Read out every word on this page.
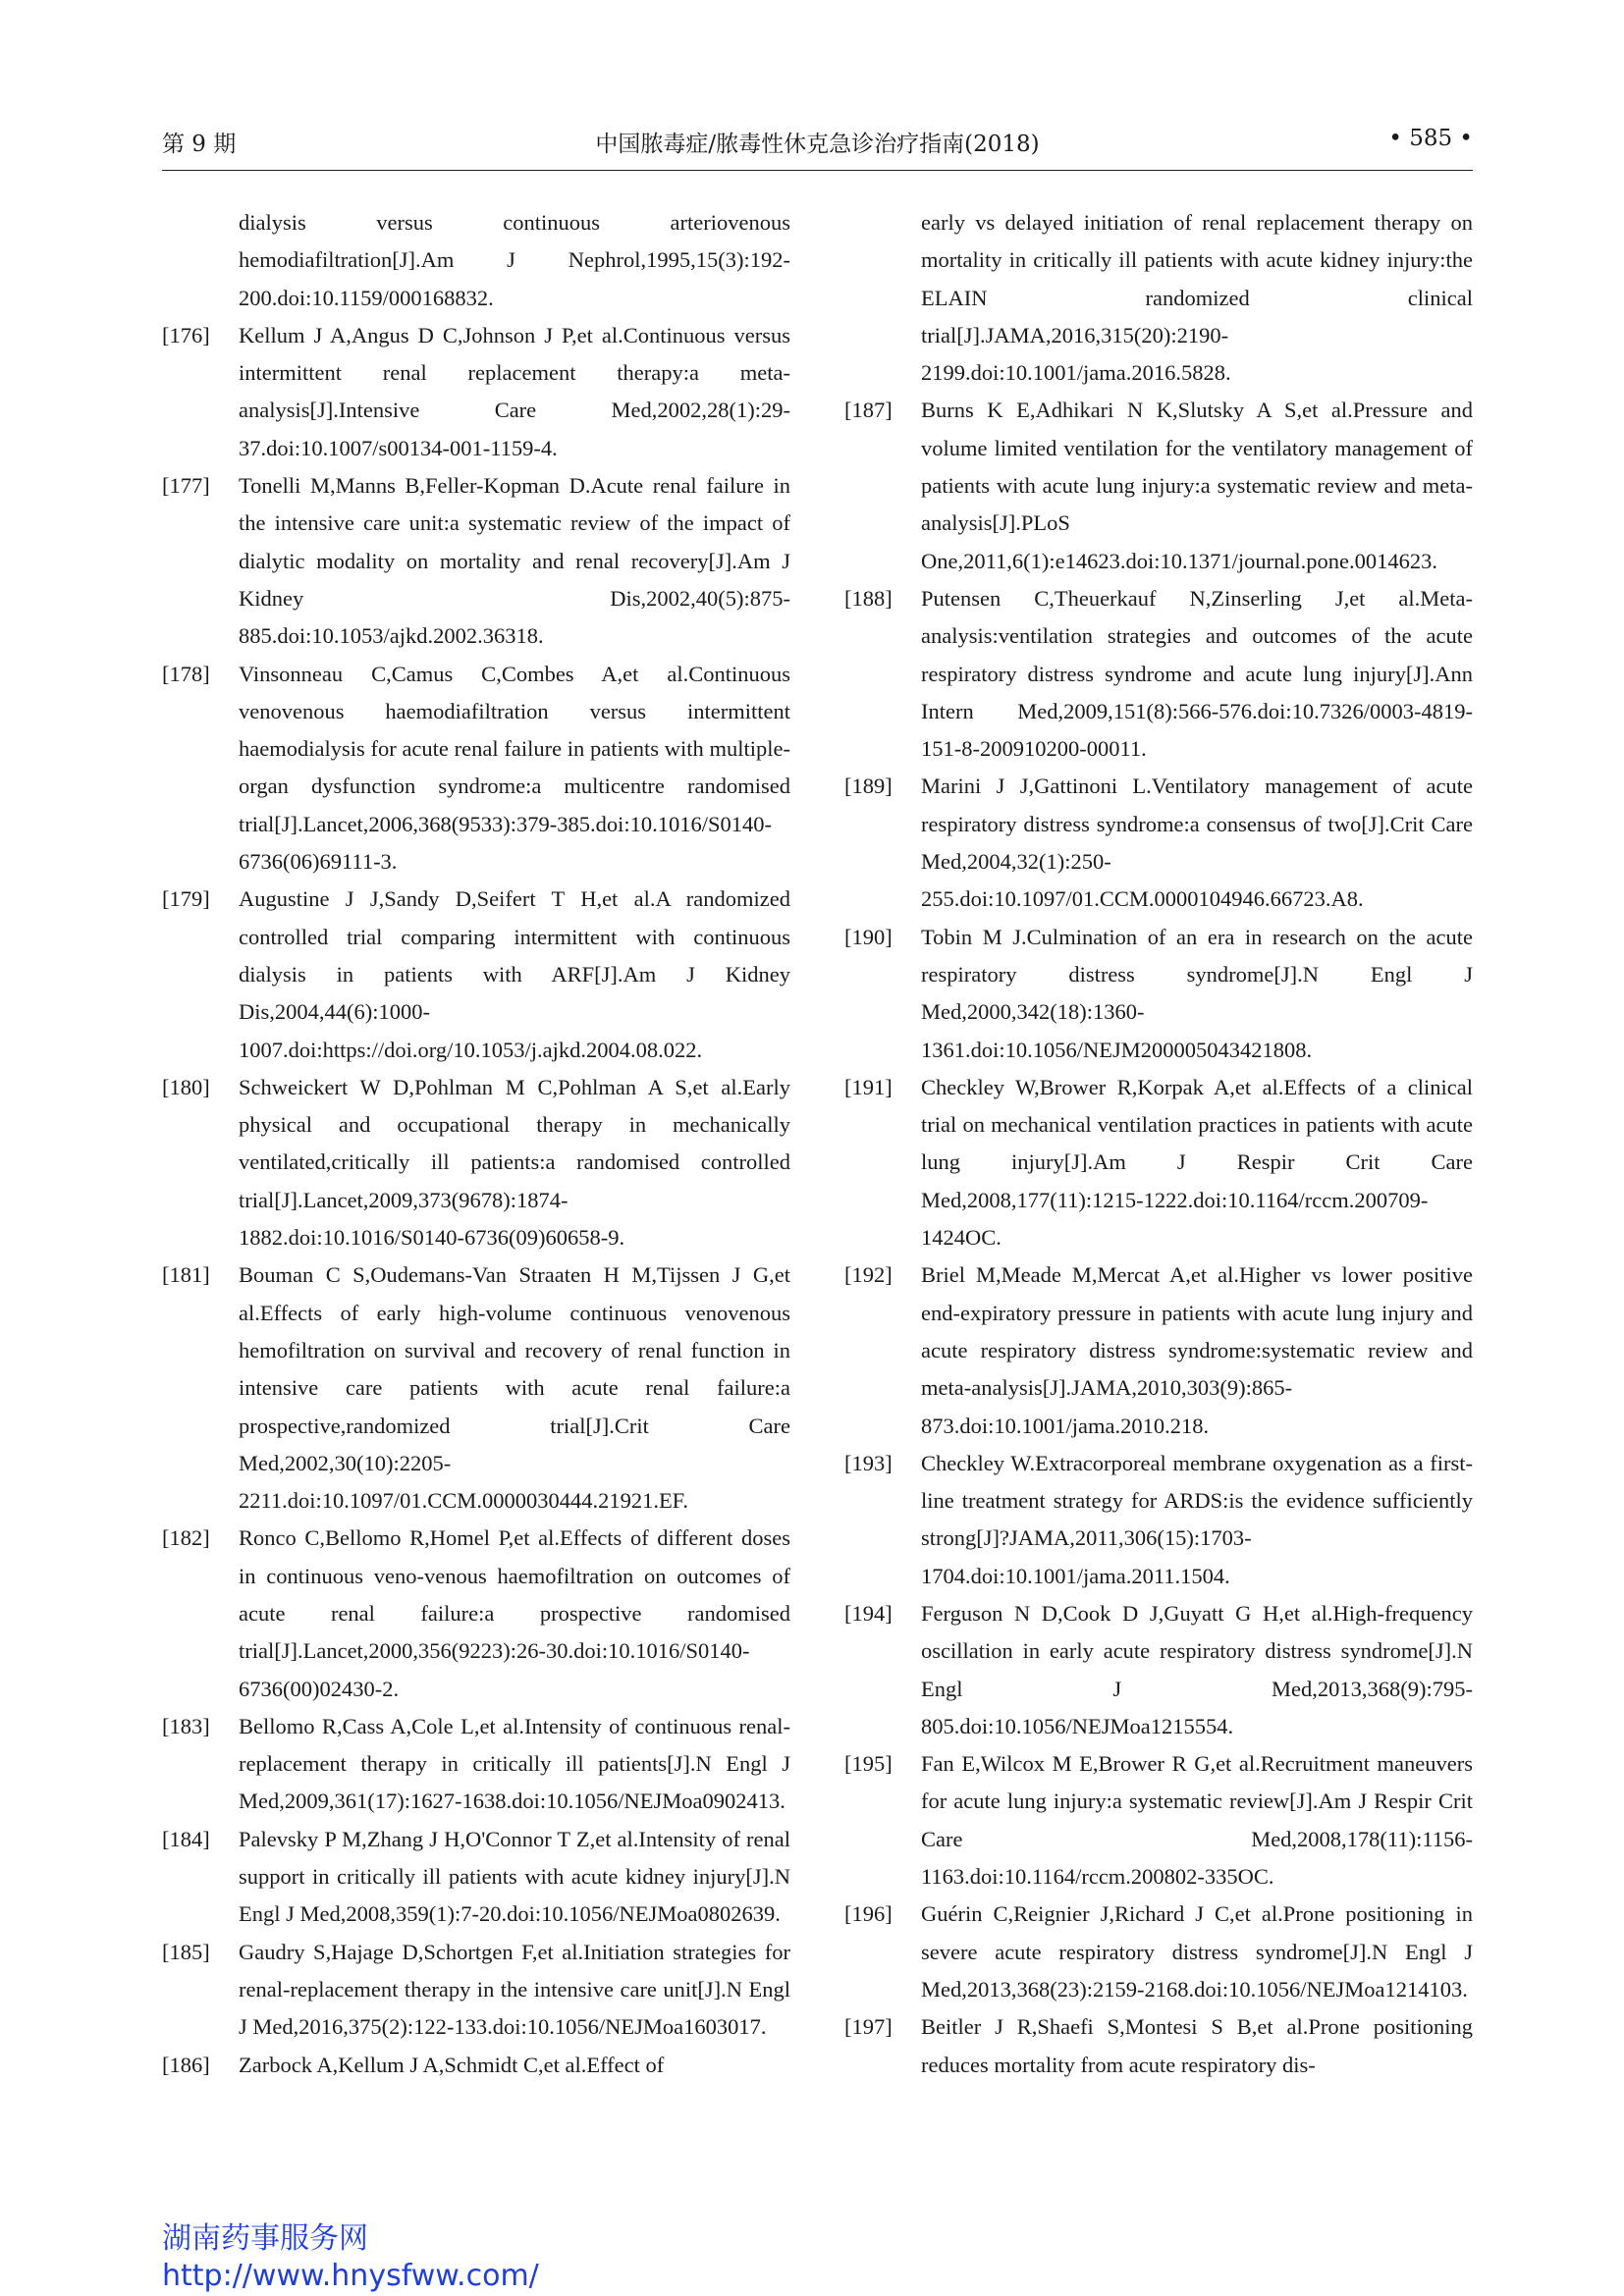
第 9 期	中国脓毒症/脓毒性休克急诊治疗指南(2018)	• 585 •
dialysis versus continuous arteriovenous hemodiafiltration[J].Am J Nephrol,1995,15(3):192-200.doi:10.1159/000168832.
[176]	Kellum J A,Angus D C,Johnson J P,et al.Continuous versus intermittent renal replacement therapy:a meta-analysis[J].Intensive Care Med,2002,28(1):29-37.doi:10.1007/s00134-001-1159-4.
[177]	Tonelli M,Manns B,Feller-Kopman D.Acute renal failure in the intensive care unit:a systematic review of the impact of dialytic modality on mortality and renal recovery[J].Am J Kidney Dis,2002,40(5):875-885.doi:10.1053/ajkd.2002.36318.
[178]	Vinsonneau C,Camus C,Combes A,et al.Continuous venovenous haemodiafiltration versus intermittent haemodialysis for acute renal failure in patients with multiple-organ dysfunction syndrome:a multicentre randomised trial[J].Lancet,2006,368(9533):379-385.doi:10.1016/S0140-6736(06)69111-3.
[179]	Augustine J J,Sandy D,Seifert T H,et al.A randomized controlled trial comparing intermittent with continuous dialysis in patients with ARF[J].Am J Kidney Dis,2004,44(6):1000-1007.doi:https://doi.org/10.1053/j.ajkd.2004.08.022.
[180]	Schweickert W D,Pohlman M C,Pohlman A S,et al.Early physical and occupational therapy in mechanically ventilated,critically ill patients:a randomised controlled trial[J].Lancet,2009,373(9678):1874-1882.doi:10.1016/S0140-6736(09)60658-9.
[181]	Bouman C S,Oudemans-Van Straaten H M,Tijssen J G,et al.Effects of early high-volume continuous venovenous hemofiltration on survival and recovery of renal function in intensive care patients with acute renal failure:a prospective,randomized trial[J].Crit Care Med,2002,30(10):2205-2211.doi:10.1097/01.CCM.0000030444.21921.EF.
[182]	Ronco C,Bellomo R,Homel P,et al.Effects of different doses in continuous veno-venous haemofiltration on outcomes of acute renal failure:a prospective randomised trial[J].Lancet,2000,356(9223):26-30.doi:10.1016/S0140-6736(00)02430-2.
[183]	Bellomo R,Cass A,Cole L,et al.Intensity of continuous renal-replacement therapy in critically ill patients[J].N Engl J Med,2009,361(17):1627-1638.doi:10.1056/NEJMoa0902413.
[184]	Palevsky P M,Zhang J H,O'Connor T Z,et al.Intensity of renal support in critically ill patients with acute kidney injury[J].N Engl J Med,2008,359(1):7-20.doi:10.1056/NEJMoa0802639.
[185]	Gaudry S,Hajage D,Schortgen F,et al.Initiation strategies for renal-replacement therapy in the intensive care unit[J].N Engl J Med,2016,375(2):122-133.doi:10.1056/NEJMoa1603017.
[186]	Zarbock A,Kellum J A,Schmidt C,et al.Effect of
early vs delayed initiation of renal replacement therapy on mortality in critically ill patients with acute kidney injury:the ELAIN randomized clinical trial[J].JAMA,2016,315(20):2190-2199.doi:10.1001/jama.2016.5828.
[187]	Burns K E,Adhikari N K,Slutsky A S,et al.Pressure and volume limited ventilation for the ventilatory management of patients with acute lung injury:a systematic review and meta-analysis[J].PLoS One,2011,6(1):e14623.doi:10.1371/journal.pone.0014623.
[188]	Putensen C,Theuerkauf N,Zinserling J,et al.Meta-analysis:ventilation strategies and outcomes of the acute respiratory distress syndrome and acute lung injury[J].Ann Intern Med,2009,151(8):566-576.doi:10.7326/0003-4819-151-8-200910200-00011.
[189]	Marini J J,Gattinoni L.Ventilatory management of acute respiratory distress syndrome:a consensus of two[J].Crit Care Med,2004,32(1):250-255.doi:10.1097/01.CCM.0000104946.66723.A8.
[190]	Tobin M J.Culmination of an era in research on the acute respiratory distress syndrome[J].N Engl J Med,2000,342(18):1360-1361.doi:10.1056/NEJM200005043421808.
[191]	Checkley W,Brower R,Korpak A,et al.Effects of a clinical trial on mechanical ventilation practices in patients with acute lung injury[J].Am J Respir Crit Care Med,2008,177(11):1215-1222.doi:10.1164/rccm.200709-1424OC.
[192]	Briel M,Meade M,Mercat A,et al.Higher vs lower positive end-expiratory pressure in patients with acute lung injury and acute respiratory distress syndrome:systematic review and meta-analysis[J].JAMA,2010,303(9):865-873.doi:10.1001/jama.2010.218.
[193]	Checkley W.Extracorporeal membrane oxygenation as a first-line treatment strategy for ARDS:is the evidence sufficiently strong[J]?JAMA,2011,306(15):1703-1704.doi:10.1001/jama.2011.1504.
[194]	Ferguson N D,Cook D J,Guyatt G H,et al.High-frequency oscillation in early acute respiratory distress syndrome[J].N Engl J Med,2013,368(9):795-805.doi:10.1056/NEJMoa1215554.
[195]	Fan E,Wilcox M E,Brower R G,et al.Recruitment maneuvers for acute lung injury:a systematic review[J].Am J Respir Crit Care Med,2008,178(11):1156-1163.doi:10.1164/rccm.200802-335OC.
[196]	Guérin C,Reignier J,Richard J C,et al.Prone positioning in severe acute respiratory distress syndrome[J].N Engl J Med,2013,368(23):2159-2168.doi:10.1056/NEJMoa1214103.
[197]	Beitler J R,Shaefi S,Montesi S B,et al.Prone positioning reduces mortality from acute respiratory dis-
湖南药事服务网
http://www.hnysfww.com/
